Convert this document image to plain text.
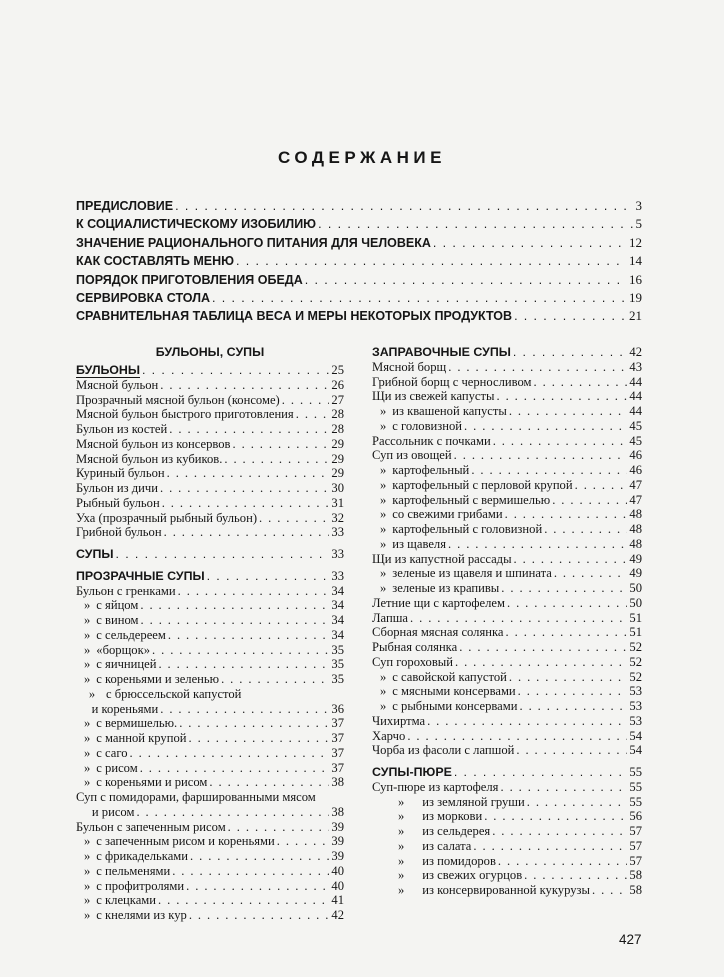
СОДЕРЖАНИЕ
ПРЕДИСЛОВИЕ . . .	3
К СОЦИАЛИСТИЧЕСКОМУ ИЗОБИЛИЮ . . .	5
ЗНАЧЕНИЕ РАЦИОНАЛЬНОГО ПИТАНИЯ ДЛЯ ЧЕЛОВЕКА . . .	12
КАК СОСТАВЛЯТЬ МЕНЮ . . .	14
ПОРЯДОК ПРИГОТОВЛЕНИЯ ОБЕДА . . .	16
СЕРВИРОВКА СТОЛА . . .	19
СРАВНИТЕЛЬНАЯ ТАБЛИЦА ВЕСА И МЕРЫ НЕКОТОРЫХ ПРОДУКТОВ . . .	21
БУЛЬОНЫ, СУПЫ
БУЛЬОНЫ . . .	25
Мясной бульон . . .	26
Прозрачный мясной бульон (консоме) . . .	27
Мясной бульон быстрого приготовления . . .	28
Бульон из костей . . .	28
Мясной бульон из консервов . . .	29
Мясной бульон из кубиков. . . .	29
Куриный бульон . . .	29
Бульон из дичи . . .	30
Рыбный бульон . . .	31
Уха (прозрачный рыбный бульон) . . .	32
Грибной бульон . . .	33
СУПЫ . . .	33
ПРОЗРАЧНЫЕ СУПЫ . . .	33
Бульон с гренками . . .	34
» с яйцом . . .	34
» с вином . . .	34
» с сельдереем . . .	34
» «борщок» . . .	35
» с яичницей . . .	35
» с кореньями и зеленью . . .	35
» с брюссельской капустой
и кореньями . . .	36
» с вермишелью. . . .	37
» с манной крупой . . .	37
» с саго . . .	37
» с рисом . . .	37
» с кореньями и рисом . . .	38
Суп с помидорами, фаршированными мясом
и рисом . . .	38
Бульон с запеченным рисом . . .	39
» с запеченным рисом и кореньями . . .	39
» с фрикадельками . . .	39
» с пельменями . . .	40
» с профитролями . . .	40
» с клецками . . .	41
» с кнелями из кур . . .	42
ЗАПРАВОЧНЫЕ СУПЫ . . .	42
Мясной борщ . . .	43
Грибной борщ с черносливом . . .	44
Щи из свежей капусты . . .	44
» из квашеной капусты . . .	44
» с головизной . . .	45
Рассольник с почками . . .	45
Суп из овощей . . .	46
» картофельный . . .	46
» картофельный с перловой крупой . . .	47
» картофельный с вермишелью . . .	47
» со свежими грибами . . .	48
» картофельный с головизной . . .	48
» из щавеля . . .	48
Щи из капустной рассады . . .	49
» зеленые из щавеля и шпината . . .	49
» зеленые из крапивы . . .	50
Летние щи с картофелем . . .	50
Лапша . . .	51
Сборная мясная солянка . . .	51
Рыбная солянка . . .	52
Суп гороховый . . .	52
» с савойской капустой . . .	52
» с мясными консервами . . .	53
» с рыбными консервами . . .	53
Чихиртма . . .	53
Харчо . . .	54
Чорба из фасоли с лапшой . . .	54
СУПЫ-ПЮРЕ . . .	55
Суп-пюре из картофеля . . .	55
» из земляной груши . . .	55
» из моркови . . .	56
» из сельдерея . . .	57
» из салата . . .	57
» из помидоров . . .	57
» из свежих огурцов . . .	58
» из консервированной кукурузы . . .	58
427
